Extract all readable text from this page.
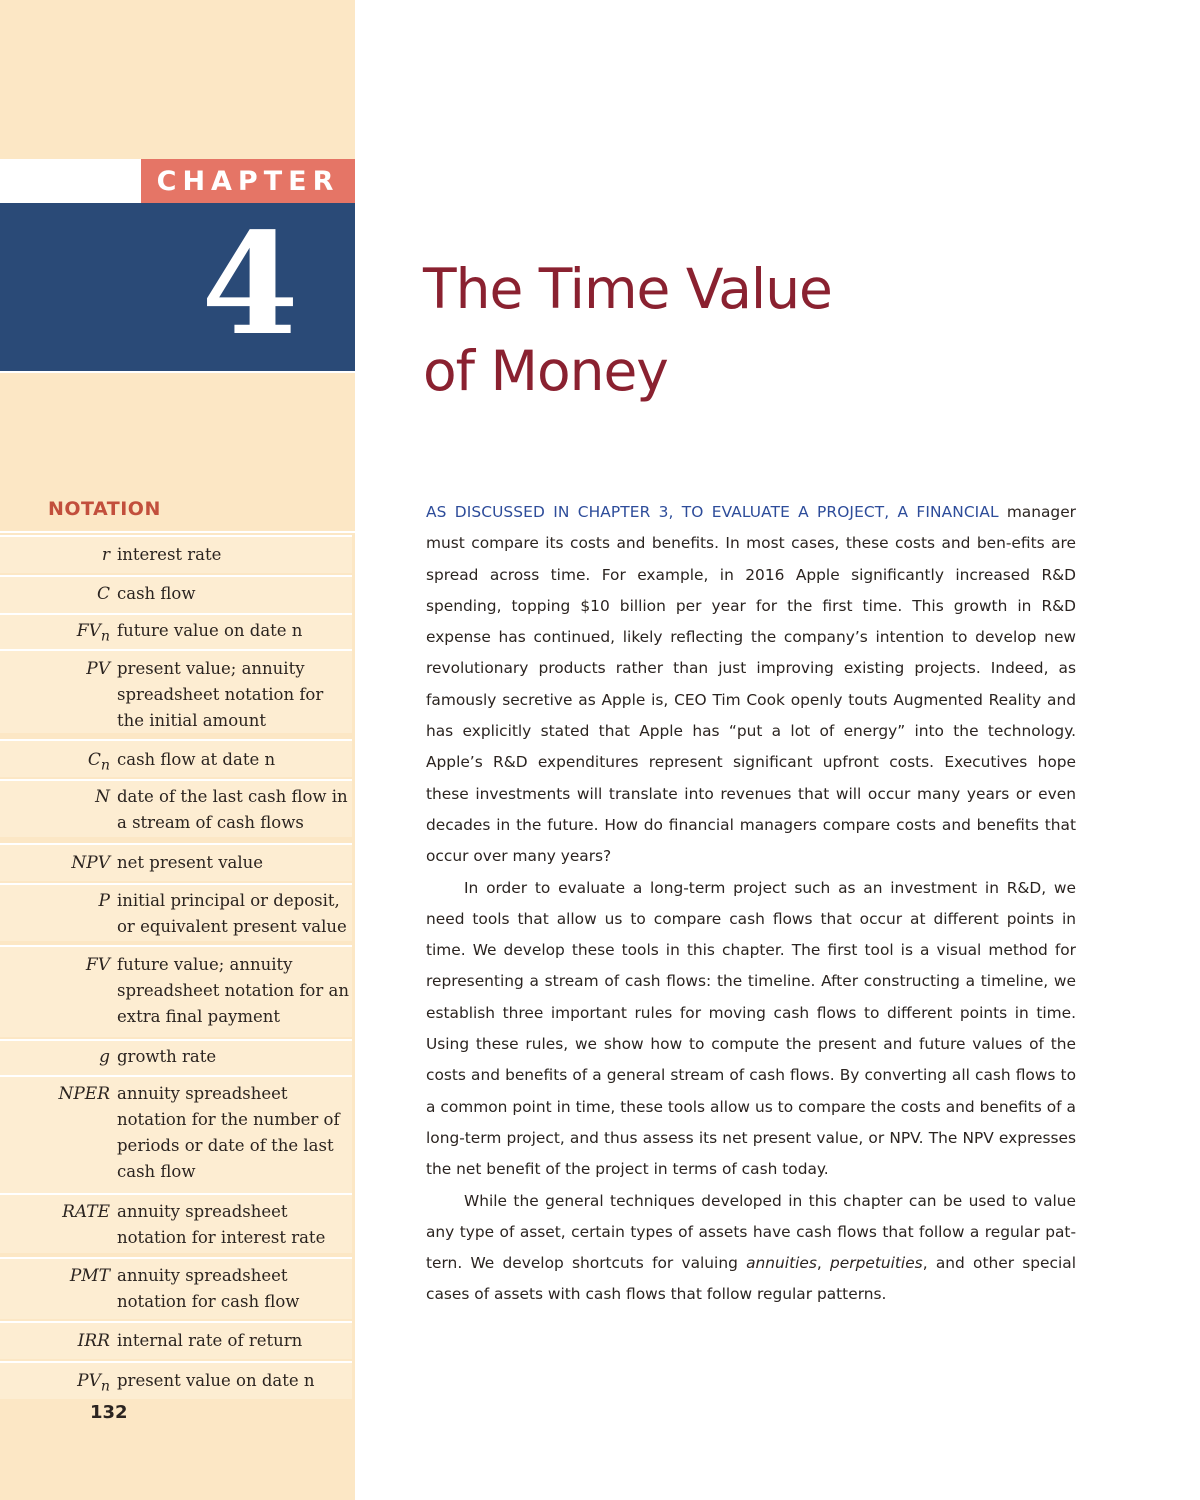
CHAPTER
4 The Time Value
of Money
NOTATION
r interest rate
C cash flow
$FV_n$ future value on date n
PV present value; annuity spreadsheet notation for the initial amount
$C_n$ cash flow at date n
N date of the last cash flow in a stream of cash flows
NPV net present value
P initial principal or deposit, or equivalent present value
FV future value; annuity spreadsheet notation for an extra final payment
g growth rate
NPER annuity spreadsheet notation for the number of periods or date of the last cash flow
RATE annuity spreadsheet notation for interest rate
PMT annuity spreadsheet notation for cash flow
IRR internal rate of return
$PV_n$ present value on date n
132

AS DISCUSSED IN CHAPTER 3, TO EVALUATE A PROJECT, A FINANCIAL manager must compare its costs and benefits. In most cases, these costs and ben-efits are spread across time. For example, in 2016 Apple significantly increased R&D spending, topping $10 billion per year for the first time. This growth in R&D expense has continued, likely reflecting the company’s intention to develop new revolutionary products rather than just improving existing projects. Indeed, as famously secretive as Apple is, CEO Tim Cook openly touts Augmented Reality and has explicitly stated that Apple has “put a lot of energy” into the technology. Apple’s R&D expenditures represent significant upfront costs. Executives hope these investments will translate into revenues that will occur many years or even decades in the future. How do financial managers compare costs and benefits that occur over many years?

In order to evaluate a long-term project such as an investment in R&D, we need tools that allow us to compare cash flows that occur at different points in time. We develop these tools in this chapter. The first tool is a visual method for representing a stream of cash flows: the timeline. After constructing a timeline, we establish three important rules for moving cash flows to different points in time. Using these rules, we show how to compute the present and future values of the costs and benefits of a general stream of cash flows. By converting all cash flows to a common point in time, these tools allow us to compare the costs and benefits of a long-term project, and thus assess its net present value, or NPV. The NPV expresses the net benefit of the project in terms of cash today.

While the general techniques developed in this chapter can be used to value any type of asset, certain types of assets have cash flows that follow a regular pat-tern. We develop shortcuts for valuing annuities, perpetuities, and other special cases of assets with cash flows that follow regular patterns.
